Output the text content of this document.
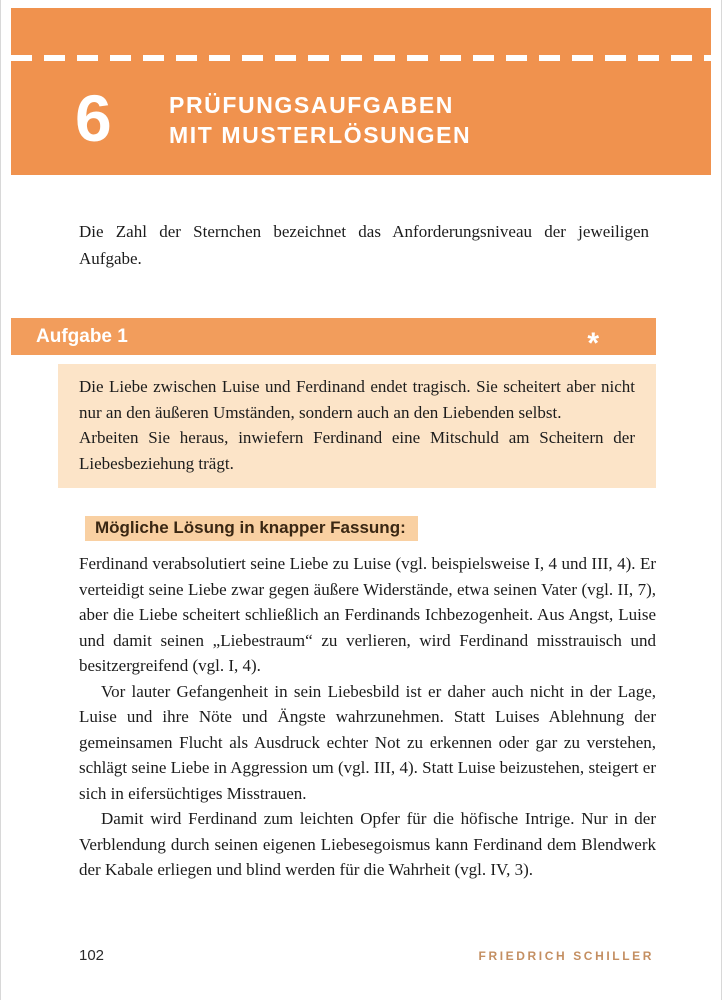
6	PRÜFUNGSAUFGABEN
MIT MUSTERLÖSUNGEN

Die Zahl der Sternchen bezeichnet das Anforderungsniveau der jeweiligen Aufgabe.

Aufgabe 1	*

Die Liebe zwischen Luise und Ferdinand endet tragisch. Sie scheitert aber nicht nur an den äußeren Umständen, sondern auch an den Liebenden selbst.

Arbeiten Sie heraus, inwiefern Ferdinand eine Mitschuld am Scheitern der Liebesbeziehung trägt.

Mögliche Lösung in knapper Fassung:

Ferdinand verabsolutiert seine Liebe zu Luise (vgl. beispielsweise I, 4 und III, 4). Er verteidigt seine Liebe zwar gegen äußere Widerstände, etwa seinen Vater (vgl. II, 7), aber die Liebe scheitert schließlich an Ferdinands Ichbezogenheit. Aus Angst, Luise und damit seinen „Liebestraum“ zu verlieren, wird Ferdinand misstrauisch und besitzergreifend (vgl. I, 4).

Vor lauter Gefangenheit in sein Liebesbild ist er daher auch nicht in der Lage, Luise und ihre Nöte und Ängste wahrzunehmen. Statt Luises Ablehnung der gemeinsamen Flucht als Ausdruck echter Not zu erkennen oder gar zu verstehen, schlägt seine Liebe in Aggression um (vgl. III, 4). Statt Luise beizustehen, steigert er sich in eifersüchtiges Misstrauen.

Damit wird Ferdinand zum leichten Opfer für die höfische Intrige. Nur in der Verblendung durch seinen eigenen Liebesegoismus kann Ferdinand dem Blendwerk der Kabale erliegen und blind werden für die Wahrheit (vgl. IV, 3).

102	FRIEDRICH SCHILLER
